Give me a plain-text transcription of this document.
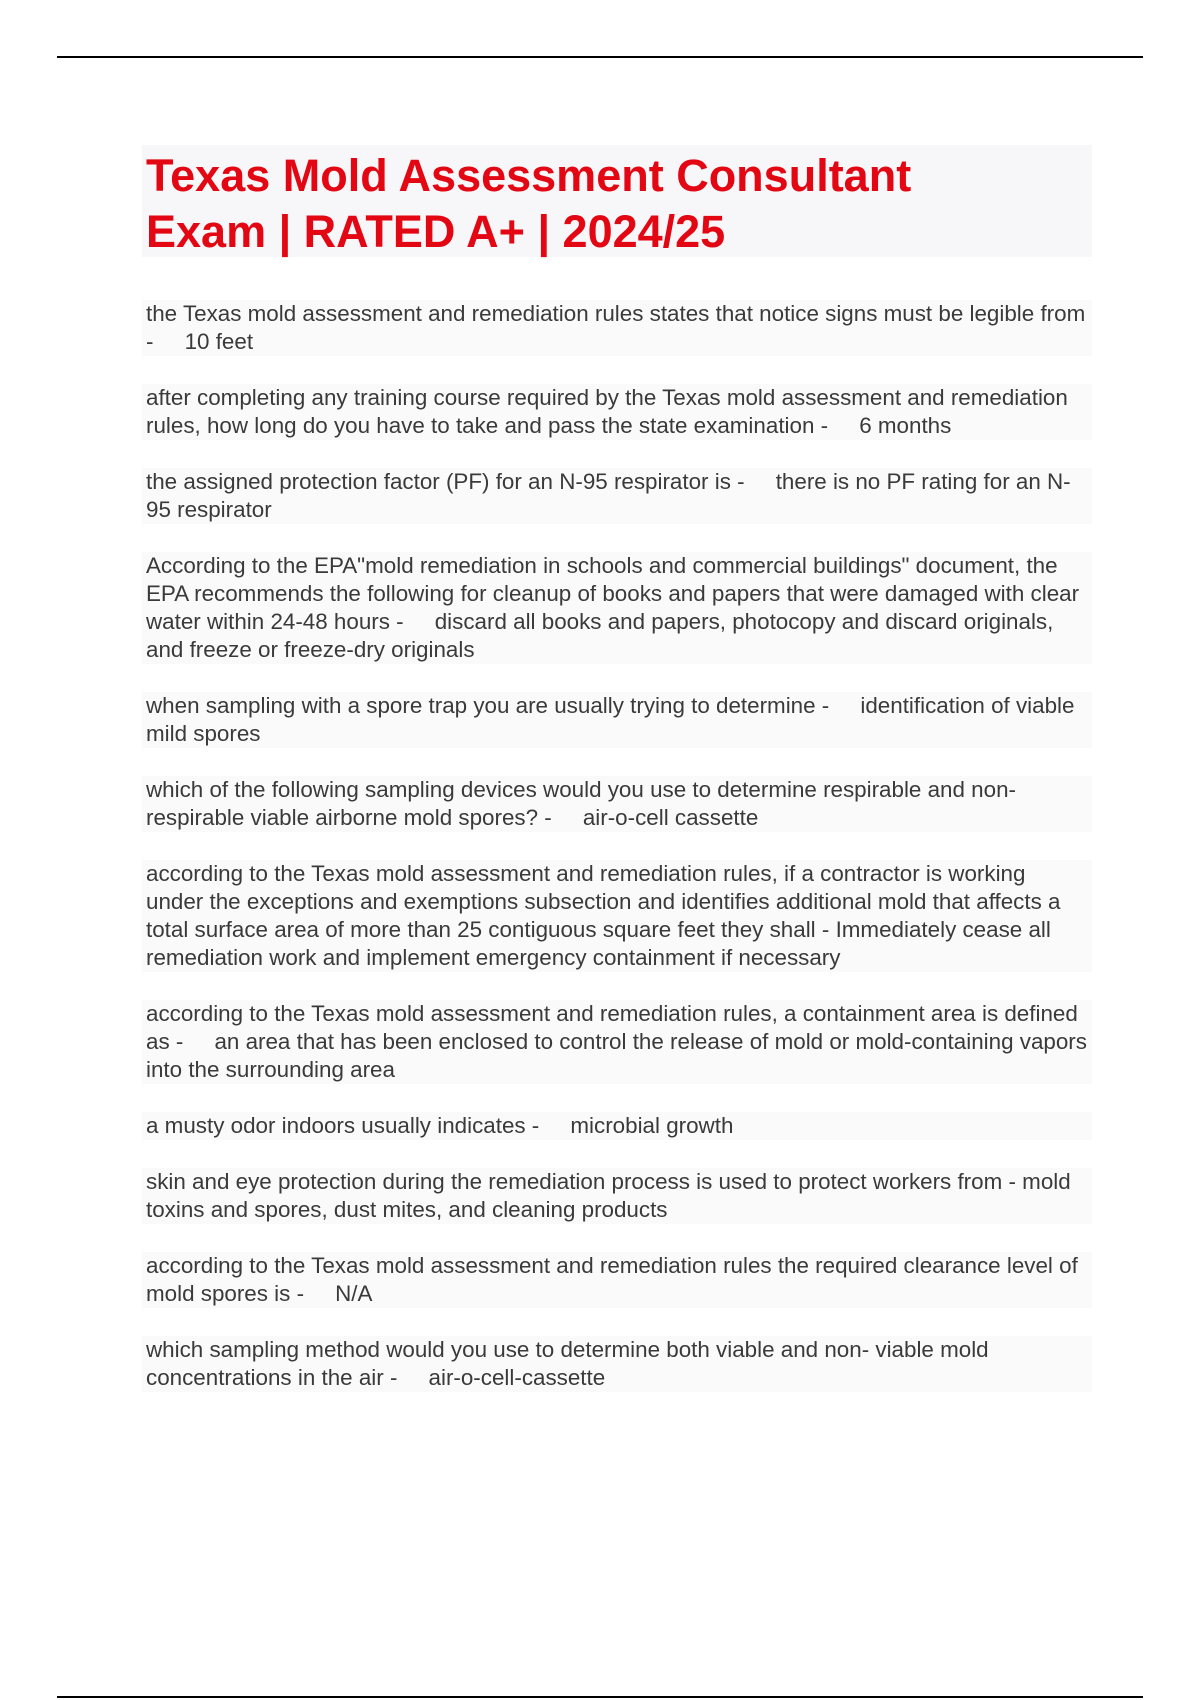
Texas Mold Assessment Consultant
Exam | RATED A+ | 2024/25

the Texas mold assessment and remediation rules states that notice signs must be legible from - 10 feet

after completing any training course required by the Texas mold assessment and remediation rules, how long do you have to take and pass the state examination - 6 months

the assigned protection factor (PF) for an N-95 respirator is - there is no PF rating for an N-95 respirator

According to the EPA"mold remediation in schools and commercial buildings" document, the EPA recommends the following for cleanup of books and papers that were damaged with clear water within 24-48 hours - discard all books and papers, photocopy and discard originals, and freeze or freeze-dry originals

when sampling with a spore trap you are usually trying to determine - identification of viable mild spores

which of the following sampling devices would you use to determine respirable and non-respirable viable airborne mold spores? - air-o-cell cassette

according to the Texas mold assessment and remediation rules, if a contractor is working under the exceptions and exemptions subsection and identifies additional mold that affects a total surface area of more than 25 contiguous square feet they shall - Immediately cease all remediation work and implement emergency containment if necessary

according to the Texas mold assessment and remediation rules, a containment area is defined as - an area that has been enclosed to control the release of mold or mold-containing vapors into the surrounding area

a musty odor indoors usually indicates - microbial growth

skin and eye protection during the remediation process is used to protect workers from - mold toxins and spores, dust mites, and cleaning products

according to the Texas mold assessment and remediation rules the required clearance level of mold spores is - N/A

which sampling method would you use to determine both viable and non- viable mold concentrations in the air - air-o-cell-cassette
